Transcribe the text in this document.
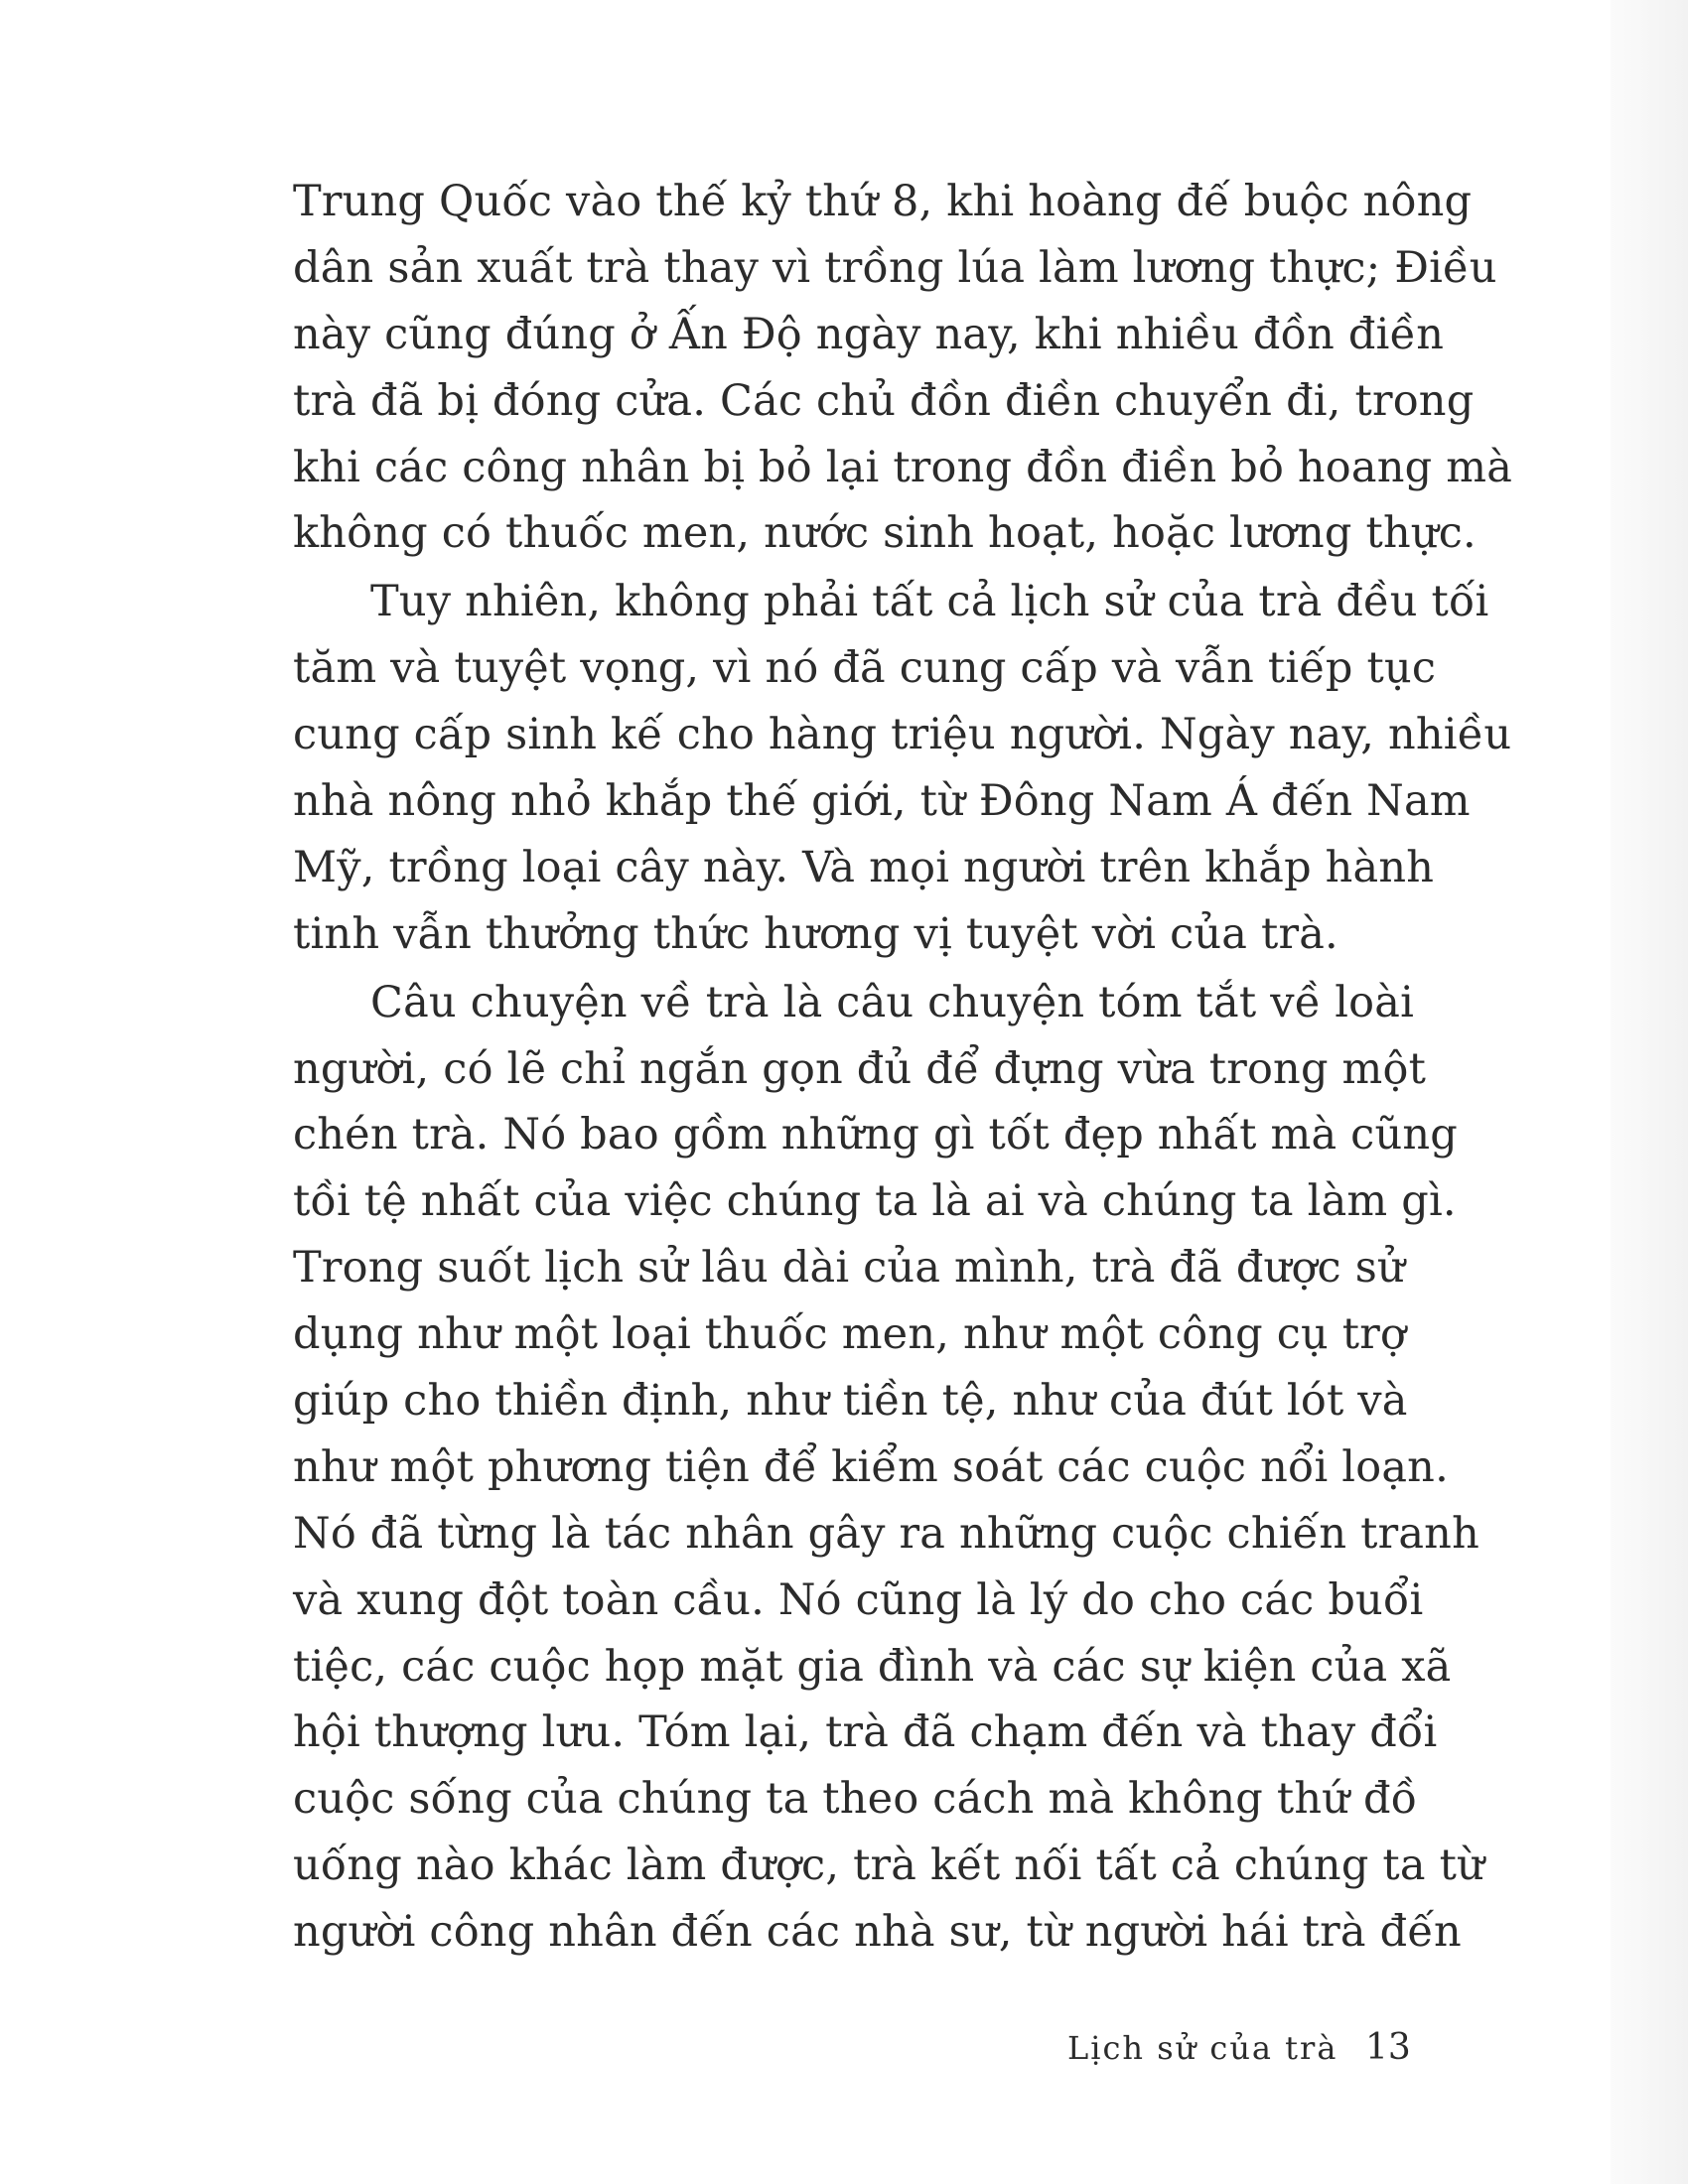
Trung Quốc vào thế kỷ thứ 8, khi hoàng đế buộc nông
dân sản xuất trà thay vì trồng lúa làm lương thực; Điều
này cũng đúng ở Ấn Độ ngày nay, khi nhiều đồn điền
trà đã bị đóng cửa. Các chủ đồn điền chuyển đi, trong
khi các công nhân bị bỏ lại trong đồn điền bỏ hoang mà
không có thuốc men, nước sinh hoạt, hoặc lương thực.
Tuy nhiên, không phải tất cả lịch sử của trà đều tối
tăm và tuyệt vọng, vì nó đã cung cấp và vẫn tiếp tục
cung cấp sinh kế cho hàng triệu người. Ngày nay, nhiều
nhà nông nhỏ khắp thế giới, từ Đông Nam Á đến Nam
Mỹ, trồng loại cây này. Và mọi người trên khắp hành
tinh vẫn thưởng thức hương vị tuyệt vời của trà.
Câu chuyện về trà là câu chuyện tóm tắt về loài
người, có lẽ chỉ ngắn gọn đủ để đựng vừa trong một
chén trà. Nó bao gồm những gì tốt đẹp nhất mà cũng
tồi tệ nhất của việc chúng ta là ai và chúng ta làm gì.
Trong suốt lịch sử lâu dài của mình, trà đã được sử
dụng như một loại thuốc men, như một công cụ trợ
giúp cho thiền định, như tiền tệ, như của đút lót và
như một phương tiện để kiểm soát các cuộc nổi loạn.
Nó đã từng là tác nhân gây ra những cuộc chiến tranh
và xung đột toàn cầu. Nó cũng là lý do cho các buổi
tiệc, các cuộc họp mặt gia đình và các sự kiện của xã
hội thượng lưu. Tóm lại, trà đã chạm đến và thay đổi
cuộc sống của chúng ta theo cách mà không thứ đồ
uống nào khác làm được, trà kết nối tất cả chúng ta từ
người công nhân đến các nhà sư, từ người hái trà đến
Lịch sử của trà 13
